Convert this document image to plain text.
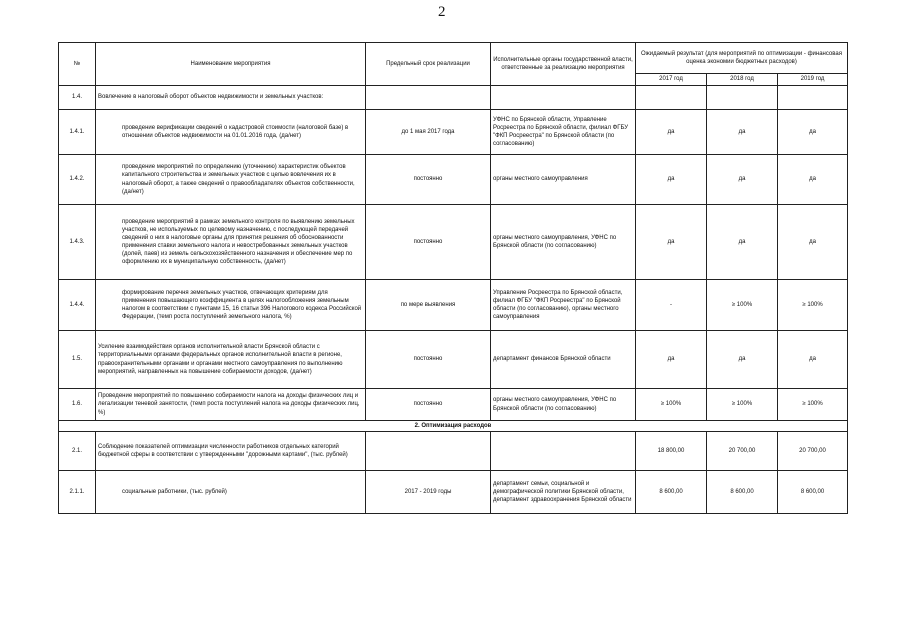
2
№	Наименование мероприятия	Предельный срок реализации	Исполнительные органы государственной власти, ответственные за реализацию мероприятия	Ожидаемый результат (для мероприятий по оптимизации - финансовая оценка экономии бюджетных расходов)		
				2017 год	2018 год	2019 год
1.4.	Вовлечение в налоговый оборот объектов недвижимости и земельных участков:					
1.4.1.	проведение верификации сведений о кадастровой стоимости (налоговой базе) в отношении объектов недвижимости на 01.01.2016 года, (да/нет)	до 1 мая 2017 года	УФНС по Брянской области, Управление Росреестра по Брянской области, филиал ФГБУ "ФКП Росреестра" по Брянской области (по согласованию)	да	да	да
1.4.2.	проведение мероприятий по определению (уточнению) характеристик объектов капитального строительства и земельных участков с целью вовлечения их в налоговый оборот, а также сведений о правообладателях объектов собственности, (да/нет)	постоянно	органы местного самоуправления	да	да	да
1.4.3.	проведение мероприятий в рамках земельного контроля по выявлению земельных участков, не используемых по целевому назначению, с последующей передачей сведений о них в налоговые органы для принятия решения об обоснованности применения ставки земельного налога и невостребованных земельных участков (долей, паев) из земель сельскохозяйственного назначения и обеспечение мер по оформлению их в муниципальную собственность, (да/нет)	постоянно	органы местного самоуправления, УФНС по Брянской области (по согласованию)	да	да	да
1.4.4.	формирование перечня земельных участков, отвечающих критериям для применения повышающего коэффициента в целях налогообложения земельным налогом в соответствии с пунктами 15, 16 статьи 396 Налогового кодекса Российской Федерации, (темп роста поступлений земельного налога, %)	по мере выявления	Управление Росреестра по Брянской области, филиал ФГБУ "ФКП Росреестра" по Брянской области (по согласованию), органы местного самоуправления	-	≥ 100%	≥ 100%
1.5.	Усиление взаимодействия органов исполнительной власти Брянской области с территориальными органами федеральных органов исполнительной власти в регионе, правоохранительными органами и органами местного самоуправления по выполнению мероприятий, направленных на повышение собираемости доходов, (да/нет)	постоянно	департамент финансов Брянской области	да	да	да
1.6.	Проведение мероприятий по повышению собираемости налога на доходы физических лиц и легализации теневой занятости, (темп роста поступлений налога на доходы физических лиц, %)	постоянно	органы местного самоуправления, УФНС по Брянской области (по согласованию)	≥ 100%	≥ 100%	≥ 100%
2. Оптимизация расходов						
2.1.	Соблюдение показателей оптимизации численности работников отдельных категорий бюджетной сферы в соответствии с утвержденными "дорожными картами", (тыс. рублей)			18 800,00	20 700,00	20 700,00
2.1.1.	социальные работники, (тыс. рублей)	2017 - 2019 годы	департамент семьи, социальной и демографической политики Брянской области, департамент здравоохранения Брянской области	8 600,00	8 600,00	8 600,00
